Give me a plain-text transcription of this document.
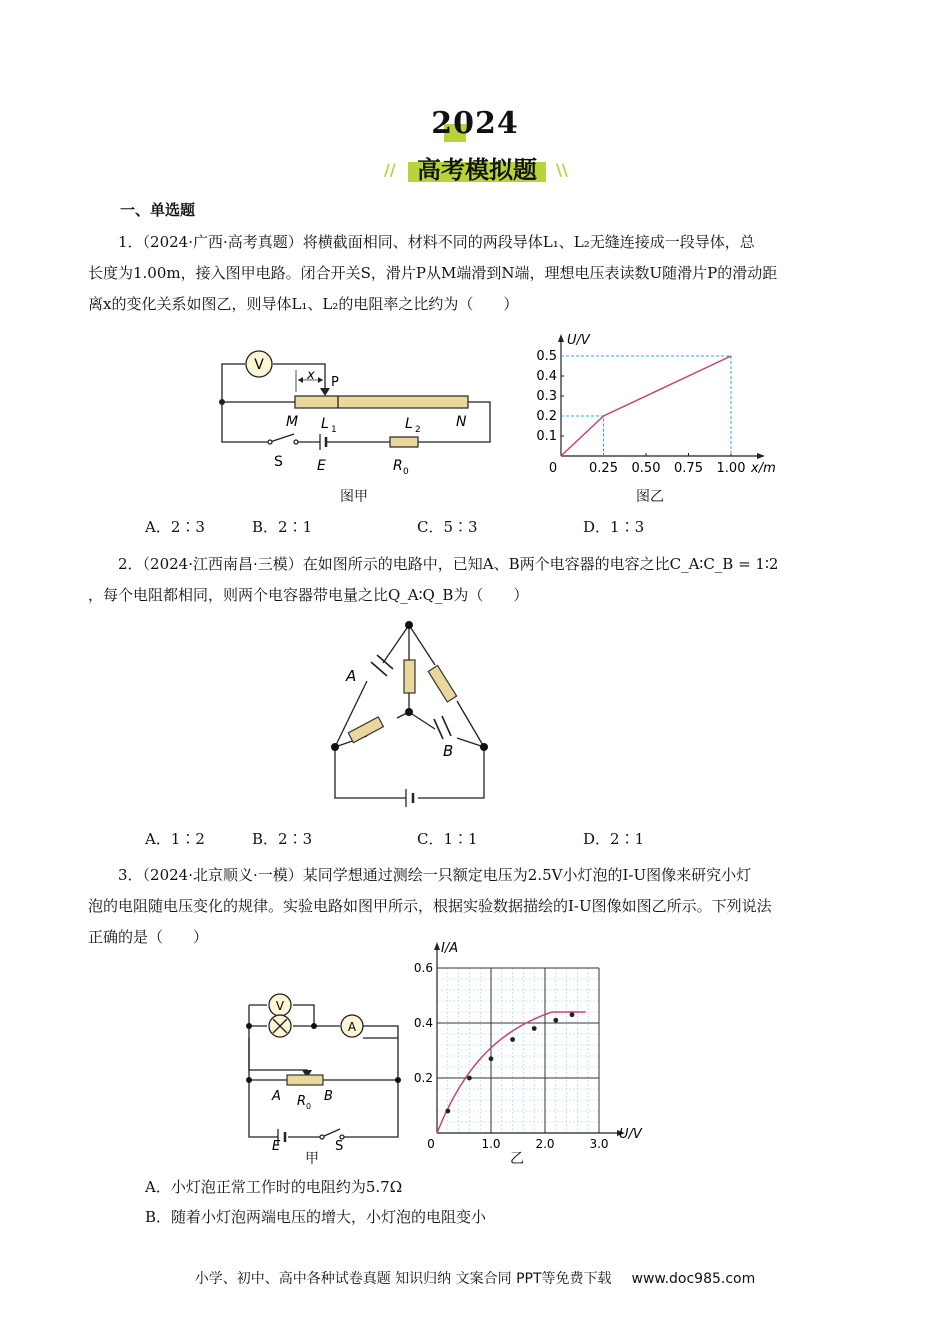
2024
高考模拟题
//	\\
一、单选题
1．（2024·广西·高考真题）将横截面相同、材料不同的两段导体L₁、L₂无缝连接成一段导体，总
长度为1.00m，接入图甲电路。闭合开关S，滑片P从M端滑到N端，理想电压表读数U随滑片P的滑动距
离x的变化关系如图乙，则导体L₁、L₂的电阻率之比约为（　　）
V
x P
M L 1	L 2	N
S E	R 0
图甲
0.1
0.2
0.3
0.4
0.5
0 0.25 0.50 0.75 1.00
U/V
x/m
图乙
A．2∶3	B．2∶1	C．5∶3	D．1∶3
2．（2024·江西南昌·三模）在如图所示的电路中，已知A、B两个电容器的电容之比C_A∶C_B = 1∶2
，每个电阻都相同，则两个电容器带电量之比Q_A∶Q_B为（　　）
A
B
A．1∶2	B．2∶3	C．1∶1	D．2∶1
3．（2024·北京顺义·一模）某同学想通过测绘一只额定电压为2.5V小灯泡的I-U图像来研究小灯
泡的电阻随电压变化的规律。实验电路如图甲所示，根据实验数据描绘的I-U图像如图乙所示。下列说法
正确的是（　　）
V
A
A	B
R 0
E	S
甲
0.2
0.4
0.6
0	1.0	2.0	3.0
I/A
U/V
乙
A．小灯泡正常工作时的电阻约为5.7Ω
B．随着小灯泡两端电压的增大，小灯泡的电阻变小
小学、初中、高中各种试卷真题 知识归纳 文案合同 PPT等免费下载 www.doc985.com
